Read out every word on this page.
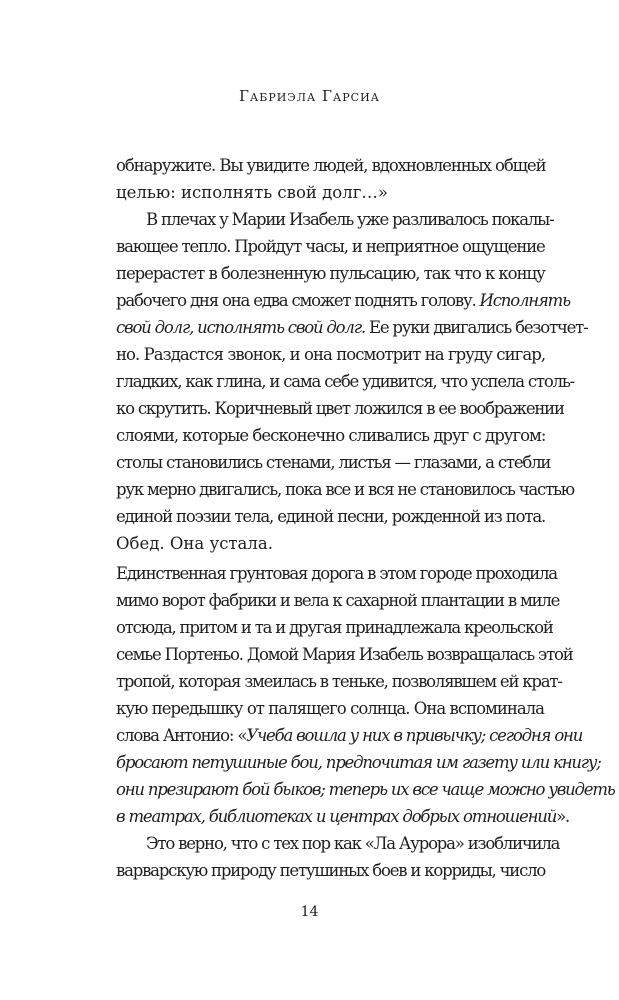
Габриэла Гарсиа
обнаружите. Вы увидите людей, вдохновленных общей
целью: исполнять свой долг…»
В плечах у Марии Изабель уже разливалось покалы-
вающее тепло. Пройдут часы, и неприятное ощущение
перерастет в болезненную пульсацию, так что к концу
рабочего дня она едва сможет поднять голову. Исполнять
свой долг, исполнять свой долг. Ее руки двигались безотчет-
но. Раздастся звонок, и она посмотрит на груду сигар,
гладких, как глина, и сама себе удивится, что успела столь-
ко скрутить. Коричневый цвет ложился в ее воображении
слоями, которые бесконечно сливались друг с другом:
столы становились стенами, листья — глазами, а стебли
рук мерно двигались, пока все и вся не становилось частью
единой поэзии тела, единой песни, рожденной из пота.
Обед. Она устала.
Единственная грунтовая дорога в этом городе проходила
мимо ворот фабрики и вела к сахарной плантации в миле
отсюда, притом и та и другая принадлежала креольской
семье Портеньо. Домой Мария Изабель возвращалась этой
тропой, которая змеилась в теньке, позволявшем ей крат-
кую передышку от палящего солнца. Она вспоминала
слова Антонио: «Учеба вошла у них в привычку; сегодня они
бросают петушиные бои, предпочитая им газету или книгу;
они презирают бой быков; теперь их все чаще можно увидеть
в театрах, библиотеках и центрах добрых отношений».
Это верно, что с тех пор как «Ла Аурора» изобличила
варварскую природу петушиных боев и корриды, число
14
